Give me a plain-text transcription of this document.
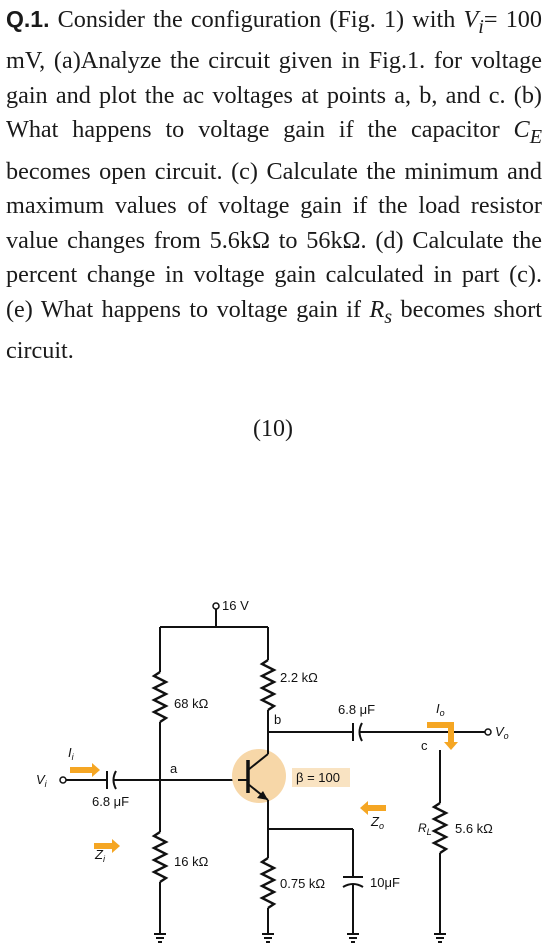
Q.1. Consider the configuration (Fig. 1) with $V_i= 100$ mV, (a)Analyze the circuit given in Fig.1. for voltage gain and plot the ac voltages at points a, b, and c. (b) What happens to voltage gain if the capacitor $C_E$ becomes open circuit. (c) Calculate the minimum and maximum values of voltage gain if the load resistor value changes from 5.6kΩ to 56kΩ. (d) Calculate the percent change in voltage gain calculated in part (c). (e) What happens to voltage gain if $R_s$ becomes short circuit.
(10)
16 V
68 kΩ
16 kΩ
$V_i$
6.8 μF
$I_i$
$Z_i$
a
β = 100
2.2 kΩ
b
6.8 μF
$V_o$
c
$I_o$
$Z_o$	$R_L$ 5.6 kΩ
0.75 kΩ	10μF
